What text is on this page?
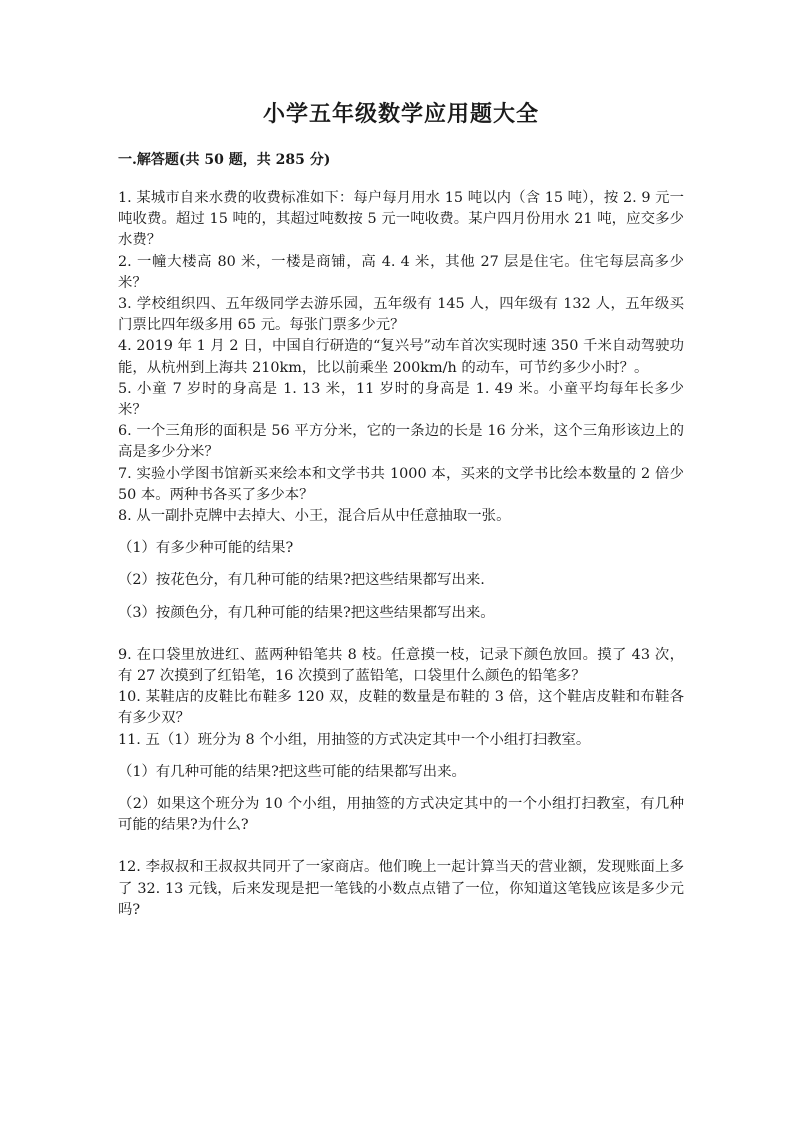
小学五年级数学应用题大全
一.解答题(共 50 题，共 285 分)

1. 某城市自来水费的收费标准如下：每户每月用水 15 吨以内（含 15 吨），按 2. 9 元一吨收费。超过 15 吨的，其超过吨数按 5 元一吨收费。某户四月份用水 21 吨，应交多少水费？

2. 一幢大楼高 80 米，一楼是商铺，高 4. 4 米，其他 27 层是住宅。住宅每层高多少米？

3. 学校组织四、五年级同学去游乐园，五年级有 145 人，四年级有 132 人，五年级买门票比四年级多用 65 元。每张门票多少元？

4. 2019 年 1 月 2 日，中国自行研造的“复兴号”动车首次实现时速 350 千米自动驾驶功能，从杭州到上海共 210km，比以前乘坐 200km/h 的动车，可节约多少小时？。

5. 小童 7 岁时的身高是 1. 13 米，11 岁时的身高是 1. 49 米。小童平均每年长多少米？

6. 一个三角形的面积是 56 平方分米，它的一条边的长是 16 分米，这个三角形该边上的高是多少分米？

7. 实验小学图书馆新买来绘本和文学书共 1000 本，买来的文学书比绘本数量的 2 倍少 50 本。两种书各买了多少本？

8. 从一副扑克牌中去掉大、小王，混合后从中任意抽取一张。

（1）有多少种可能的结果?

（2）按花色分，有几种可能的结果?把这些结果都写出来.

（3）按颜色分，有几种可能的结果?把这些结果都写出来。

9. 在口袋里放进红、蓝两种铅笔共 8 枝。任意摸一枝，记录下颜色放回。摸了 43 次，有 27 次摸到了红铅笔，16 次摸到了蓝铅笔，口袋里什么颜色的铅笔多？

10. 某鞋店的皮鞋比布鞋多 120 双，皮鞋的数量是布鞋的 3 倍，这个鞋店皮鞋和布鞋各有多少双？

11. 五（1）班分为 8 个小组，用抽签的方式决定其中一个小组打扫教室。

（1）有几种可能的结果?把这些可能的结果都写出来。

（2）如果这个班分为 10 个小组，用抽签的方式决定其中的一个小组打扫教室，有几种可能的结果?为什么?

12. 李叔叔和王叔叔共同开了一家商店。他们晚上一起计算当天的营业额，发现账面上多了 32. 13 元钱，后来发现是把一笔钱的小数点点错了一位，你知道这笔钱应该是多少元吗?
